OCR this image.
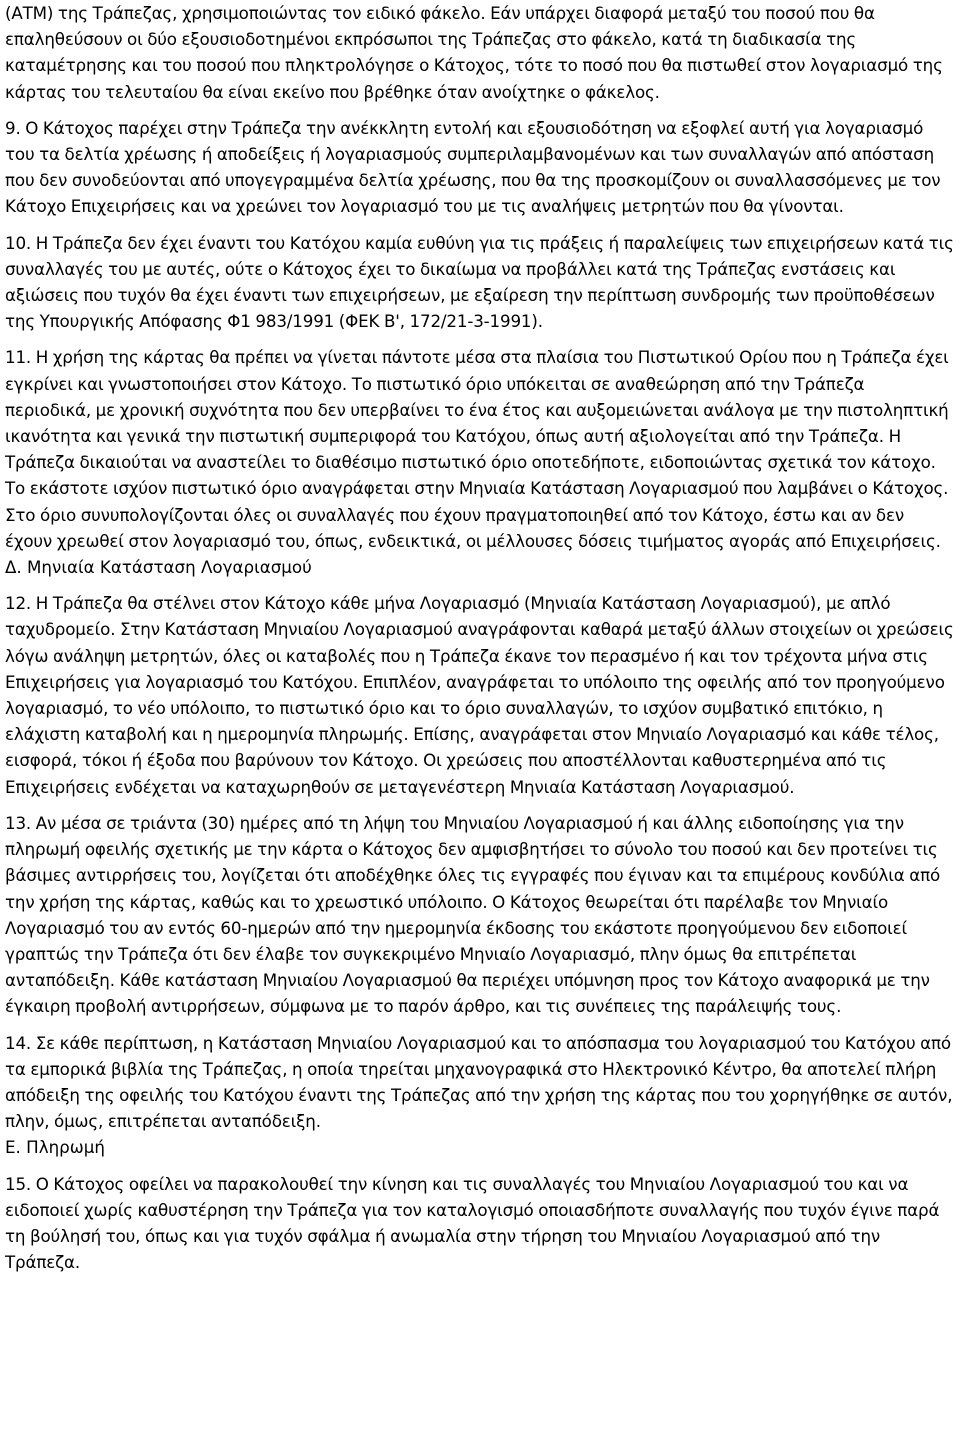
(ΑΤΜ) της Τράπεζας, χρησιμοποιώντας τον ειδικό φάκελο. Εάν υπάρχει διαφορά μεταξύ του ποσού που θα επαληθεύσουν οι δύο εξουσιοδοτημένοι εκπρόσωποι της Τράπεζας στο φάκελο, κατά τη διαδικασία της καταμέτρησης και του ποσού που πληκτρολόγησε ο Κάτοχος, τότε το ποσό που θα πιστωθεί στον λογαριασμό της κάρτας του τελευταίου θα είναι εκείνο που βρέθηκε όταν ανοίχτηκε ο φάκελος.

9. Ο Κάτοχος παρέχει στην Τράπεζα την ανέκκλητη εντολή και εξουσιοδότηση να εξοφλεί αυτή για λογαριασμό του τα δελτία χρέωσης ή αποδείξεις ή λογαριασμούς συμπεριλαμβανομένων και των συναλλαγών από απόσταση που δεν συνοδεύονται από υπογεγραμμένα δελτία χρέωσης, που θα της προσκομίζουν οι συναλλασσόμενες με τον Κάτοχο Επιχειρήσεις και να χρεώνει τον λογαριασμό του με τις αναλήψεις μετρητών που θα γίνονται.

10. Η Τράπεζα δεν έχει έναντι του Κατόχου καμία ευθύνη για τις πράξεις ή παραλείψεις των επιχειρήσεων κατά τις συναλλαγές του με αυτές, ούτε ο Κάτοχος έχει το δικαίωμα να προβάλλει κατά της Τράπεζας ενστάσεις και αξιώσεις που τυχόν θα έχει έναντι των επιχειρήσεων, με εξαίρεση την περίπτωση συνδρομής των προϋποθέσεων της Υπουργικής Απόφασης Φ1 983/1991 (ΦΕΚ Β', 172/21-3-1991).

11. Η χρήση της κάρτας θα πρέπει να γίνεται πάντοτε μέσα στα πλαίσια του Πιστωτικού Ορίου που η Τράπεζα έχει εγκρίνει και γνωστοποιήσει στον Κάτοχο. Το πιστωτικό όριο υπόκειται σε αναθεώρηση από την Τράπεζα περιοδικά, με χρονική συχνότητα που δεν υπερβαίνει το ένα έτος και αυξομειώνεται ανάλογα με την πιστοληπτική ικανότητα και γενικά την πιστωτική συμπεριφορά του Κατόχου, όπως αυτή αξιολογείται από την Τράπεζα. Η Τράπεζα δικαιούται να αναστείλει το διαθέσιμο πιστωτικό όριο οποτεδήποτε, ειδοποιώντας σχετικά τον κάτοχο. Το εκάστοτε ισχύον πιστωτικό όριο αναγράφεται στην Μηνιαία Κατάσταση Λογαριασμού που λαμβάνει ο Κάτοχος. Στο όριο συνυπολογίζονται όλες οι συναλλαγές που έχουν πραγματοποιηθεί από τον Κάτοχο, έστω και αν δεν έχουν χρεωθεί στον λογαριασμό του, όπως, ενδεικτικά, οι μέλλουσες δόσεις τιμήματος αγοράς από Επιχειρήσεις.

Δ. Μηνιαία Κατάσταση Λογαριασμού

12. Η Τράπεζα θα στέλνει στον Κάτοχο κάθε μήνα Λογαριασμό (Μηνιαία Κατάσταση Λογαριασμού), με απλό ταχυδρομείο. Στην Κατάσταση Μηνιαίου Λογαριασμού αναγράφονται καθαρά μεταξύ άλλων στοιχείων οι χρεώσεις λόγω ανάληψη μετρητών, όλες οι καταβολές που η Τράπεζα έκανε τον περασμένο ή και τον τρέχοντα μήνα στις Επιχειρήσεις για λογαριασμό του Κατόχου. Επιπλέον, αναγράφεται το υπόλοιπο της οφειλής από τον προηγούμενο λογαριασμό, το νέο υπόλοιπο, το πιστωτικό όριο και το όριο συναλλαγών, το ισχύον συμβατικό επιτόκιο, η ελάχιστη καταβολή και η ημερομηνία πληρωμής. Επίσης, αναγράφεται στον Μηνιαίο Λογαριασμό και κάθε τέλος, εισφορά, τόκοι ή έξοδα που βαρύνουν τον Κάτοχο. Οι χρεώσεις που αποστέλλονται καθυστερημένα από τις Επιχειρήσεις ενδέχεται να καταχωρηθούν σε μεταγενέστερη Μηνιαία Κατάσταση Λογαριασμού.

13. Αν μέσα σε τριάντα (30) ημέρες από τη λήψη του Μηνιαίου Λογαριασμού ή και άλλης ειδοποίησης για την πληρωμή οφειλής σχετικής με την κάρτα ο Κάτοχος δεν αμφισβητήσει το σύνολο του ποσού και δεν προτείνει τις βάσιμες αντιρρήσεις του, λογίζεται ότι αποδέχθηκε όλες τις εγγραφές που έγιναν και τα επιμέρους κονδύλια από την χρήση της κάρτας, καθώς και το χρεωστικό υπόλοιπο. Ο Κάτοχος θεωρείται ότι παρέλαβε τον Μηνιαίο Λογαριασμό του αν εντός 60-ημερών από την ημερομηνία έκδοσης του εκάστοτε προηγούμενου δεν ειδοποιεί γραπτώς την Τράπεζα ότι δεν έλαβε τον συγκεκριμένο Μηνιαίο Λογαριασμό, πλην όμως θα επιτρέπεται ανταπόδειξη. Κάθε κατάσταση Μηνιαίου Λογαριασμού θα περιέχει υπόμνηση προς τον Κάτοχο αναφορικά με την έγκαιρη προβολή αντιρρήσεων, σύμφωνα με το παρόν άρθρο, και τις συνέπειες της παράλειψής τους.

14. Σε κάθε περίπτωση, η Κατάσταση Μηνιαίου Λογαριασμού και το απόσπασμα του λογαριασμού του Κατόχου από τα εμπορικά βιβλία της Τράπεζας, η οποία τηρείται μηχανογραφικά στο Ηλεκτρονικό Κέντρο, θα αποτελεί πλήρη απόδειξη της οφειλής του Κατόχου έναντι της Τράπεζας από την χρήση της κάρτας που του χορηγήθηκε σε αυτόν, πλην, όμως, επιτρέπεται ανταπόδειξη.

Ε. Πληρωμή

15. Ο Κάτοχος οφείλει να παρακολουθεί την κίνηση και τις συναλλαγές του Μηνιαίου Λογαριασμού του και να ειδοποιεί χωρίς καθυστέρηση την Τράπεζα για τον καταλογισμό οποιασδήποτε συναλλαγής που τυχόν έγινε παρά τη βούλησή του, όπως και για τυχόν σφάλμα ή ανωμαλία στην τήρηση του Μηνιαίου Λογαριασμού από την Τράπεζα.
